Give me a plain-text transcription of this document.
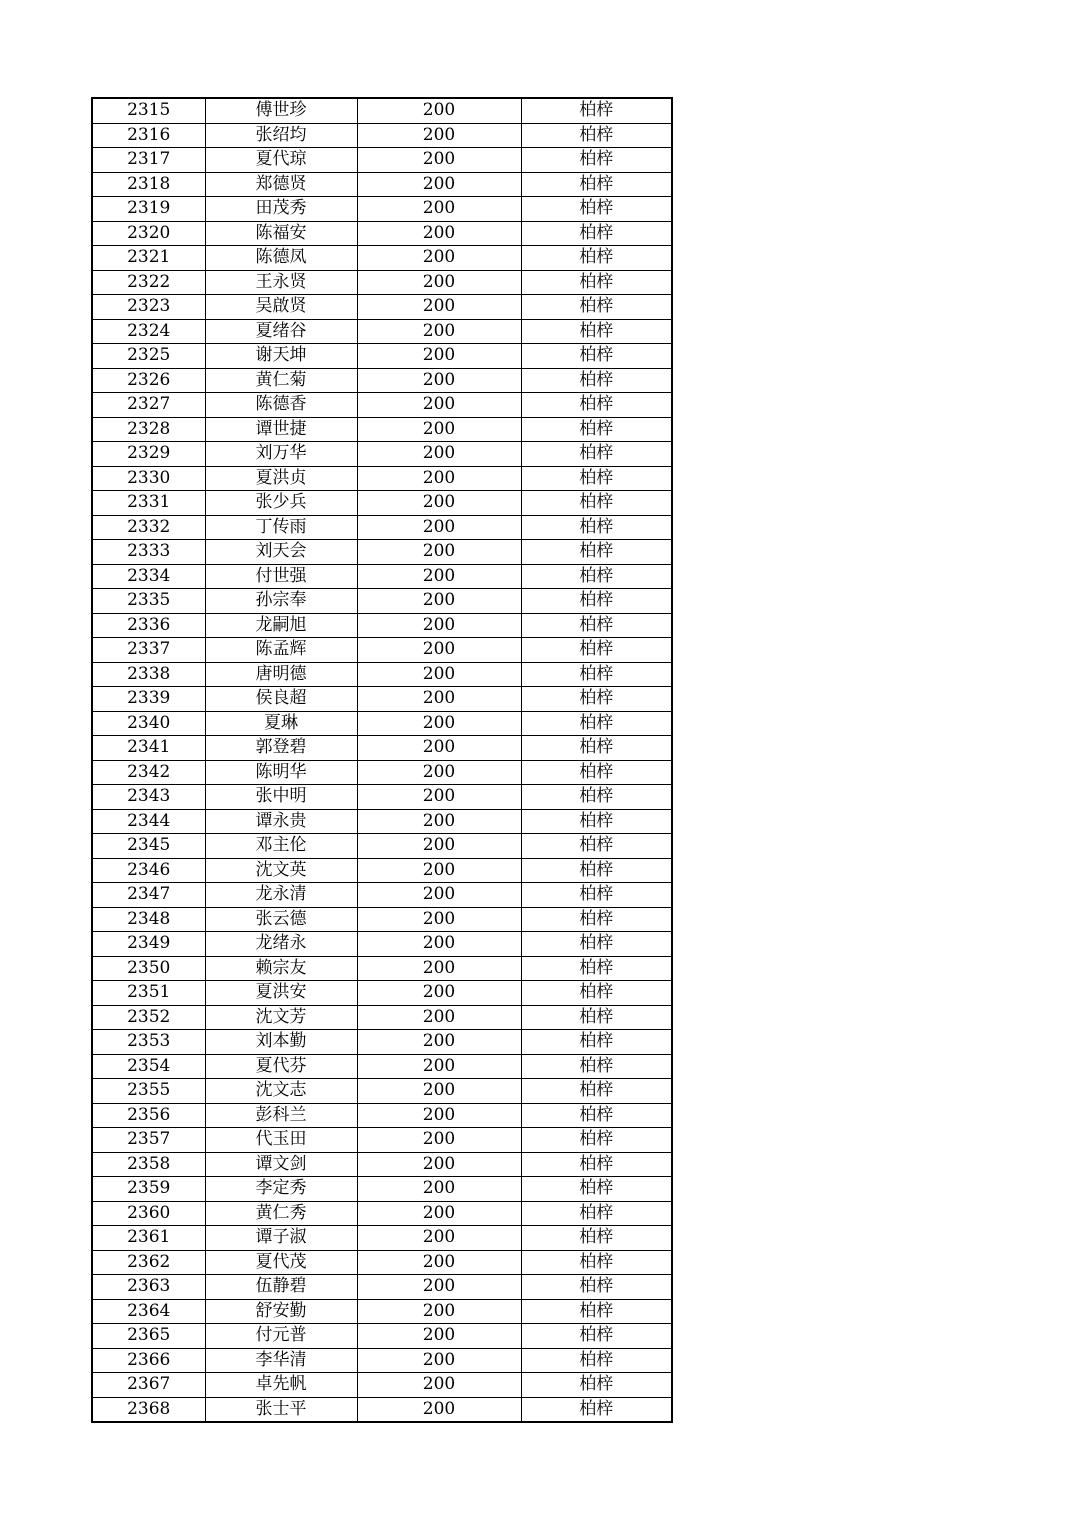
2315	傅世珍	200	柏梓
2316	张绍均	200	柏梓
2317	夏代琼	200	柏梓
2318	郑德贤	200	柏梓
2319	田茂秀	200	柏梓
2320	陈福安	200	柏梓
2321	陈德凤	200	柏梓
2322	王永贤	200	柏梓
2323	吴啟贤	200	柏梓
2324	夏绪谷	200	柏梓
2325	谢天坤	200	柏梓
2326	黄仁菊	200	柏梓
2327	陈德香	200	柏梓
2328	谭世捷	200	柏梓
2329	刘万华	200	柏梓
2330	夏洪贞	200	柏梓
2331	张少兵	200	柏梓
2332	丁传雨	200	柏梓
2333	刘天会	200	柏梓
2334	付世强	200	柏梓
2335	孙宗奉	200	柏梓
2336	龙嗣旭	200	柏梓
2337	陈孟辉	200	柏梓
2338	唐明德	200	柏梓
2339	侯良超	200	柏梓
2340	夏琳	200	柏梓
2341	郭登碧	200	柏梓
2342	陈明华	200	柏梓
2343	张中明	200	柏梓
2344	谭永贵	200	柏梓
2345	邓主伦	200	柏梓
2346	沈文英	200	柏梓
2347	龙永清	200	柏梓
2348	张云德	200	柏梓
2349	龙绪永	200	柏梓
2350	赖宗友	200	柏梓
2351	夏洪安	200	柏梓
2352	沈文芳	200	柏梓
2353	刘本勤	200	柏梓
2354	夏代芬	200	柏梓
2355	沈文志	200	柏梓
2356	彭科兰	200	柏梓
2357	代玉田	200	柏梓
2358	谭文剑	200	柏梓
2359	李定秀	200	柏梓
2360	黄仁秀	200	柏梓
2361	谭子淑	200	柏梓
2362	夏代茂	200	柏梓
2363	伍静碧	200	柏梓
2364	舒安勤	200	柏梓
2365	付元普	200	柏梓
2366	李华清	200	柏梓
2367	卓先帆	200	柏梓
2368	张士平	200	柏梓
